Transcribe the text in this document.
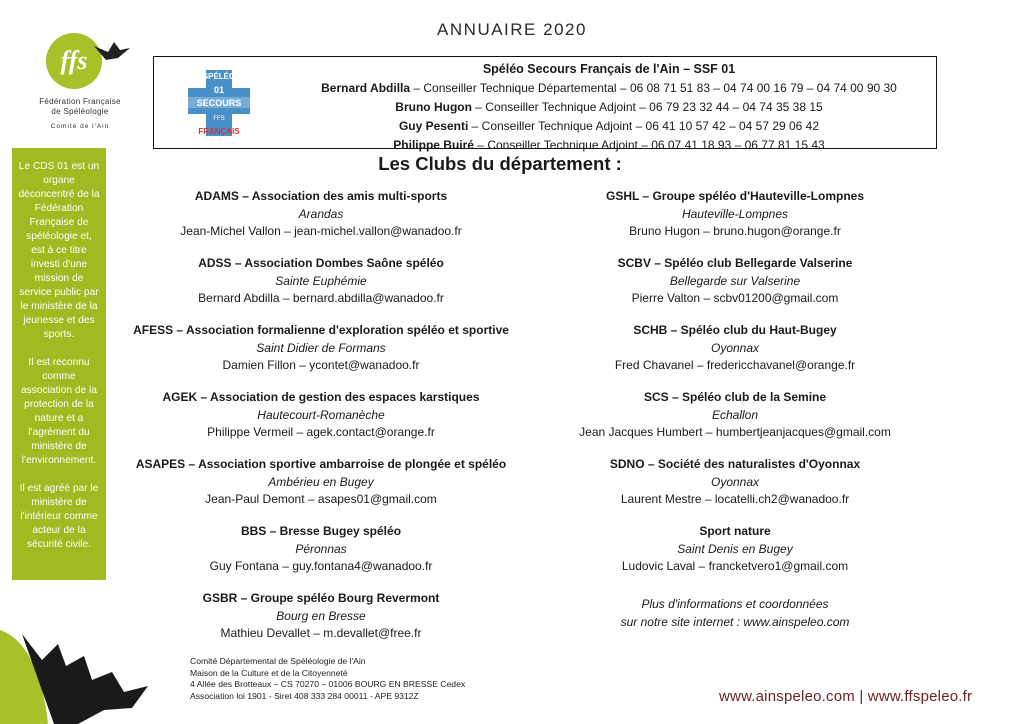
ANNUAIRE 2020
ffs
Fédération Française
de Spéléologie
Comité de l'Ain

Le CDS 01 est un organe déconcentré de la Fédération Française de spéléologie et, est à ce titre investi d'une mission de service public par le ministère de la jeunesse et des sports.

Il est reconnu comme association de la protection de la nature et a l'agrément du ministère de l'environnement.

Il est agréé par le ministère de l'intérieur comme acteur de la sécurité civile.

SPÉLÉO
01
SECOURS
FFS
FRANÇAIS
Spéléo Secours Français de l'Ain – SSF 01
Bernard Abdilla – Conseiller Technique Départemental – 06 08 71 51 83 – 04 74 00 16 79 – 04 74 00 90 30
Bruno Hugon – Conseiller Technique Adjoint – 06 79 23 32 44 – 04 74 35 38 15
Guy Pesenti – Conseiller Technique Adjoint – 06 41 10 57 42 – 04 57 29 06 42
Philippe Buiré – Conseiller Technique Adjoint – 06 07 41 18 93 – 06 77 81 15 43
Les Clubs du département :
ADAMS – Association des amis multi-sports
Arandas
Jean-Michel Vallon – jean-michel.vallon@wanadoo.fr
ADSS – Association Dombes Saône spéléo
Sainte Euphémie
Bernard Abdilla – bernard.abdilla@wanadoo.fr
AFESS – Association formalienne d'exploration spéléo et sportive
Saint Didier de Formans
Damien Fillon – ycontet@wanadoo.fr
AGEK – Association de gestion des espaces karstiques
Hautecourt-Romanèche
Philippe Vermeil – agek.contact@orange.fr
ASAPES – Association sportive ambarroise de plongée et spéléo
Ambérieu en Bugey
Jean-Paul Demont – asapes01@gmail.com
BBS – Bresse Bugey spéléo
Péronnas
Guy Fontana – guy.fontana4@wanadoo.fr
GSBR – Groupe spéléo Bourg Revermont
Bourg en Bresse
Mathieu Devallet – m.devallet@free.fr
GSHL – Groupe spéléo d'Hauteville-Lompnes
Hauteville-Lompnes
Bruno Hugon – bruno.hugon@orange.fr
SCBV – Spéléo club Bellegarde Valserine
Bellegarde sur Valserine
Pierre Valton – scbv01200@gmail.com
SCHB – Spéléo club du Haut-Bugey
Oyonnax
Fred Chavanel – fredericchavanel@orange.fr
SCS – Spéléo club de la Semine
Echallon
Jean Jacques Humbert – humbertjeanjacques@gmail.com
SDNO – Société des naturalistes d'Oyonnax
Oyonnax
Laurent Mestre – locatelli.ch2@wanadoo.fr
Sport nature
Saint Denis en Bugey
Ludovic Laval – francketvero1@gmail.com
Plus d'informations et coordonnées
sur notre site internet : www.ainspeleo.com
Comité Départemental de Spéléologie de l'Ain
Maison de la Culture et de la Citoyenneté
4 Allée des Brotteaux – CS 70270 – 01006 BOURG EN BRESSE Cedex
Association loi 1901 - Siret 408 333 284 00011 - APE 9312Z	www.ainspeleo.com | www.ffspeleo.fr
